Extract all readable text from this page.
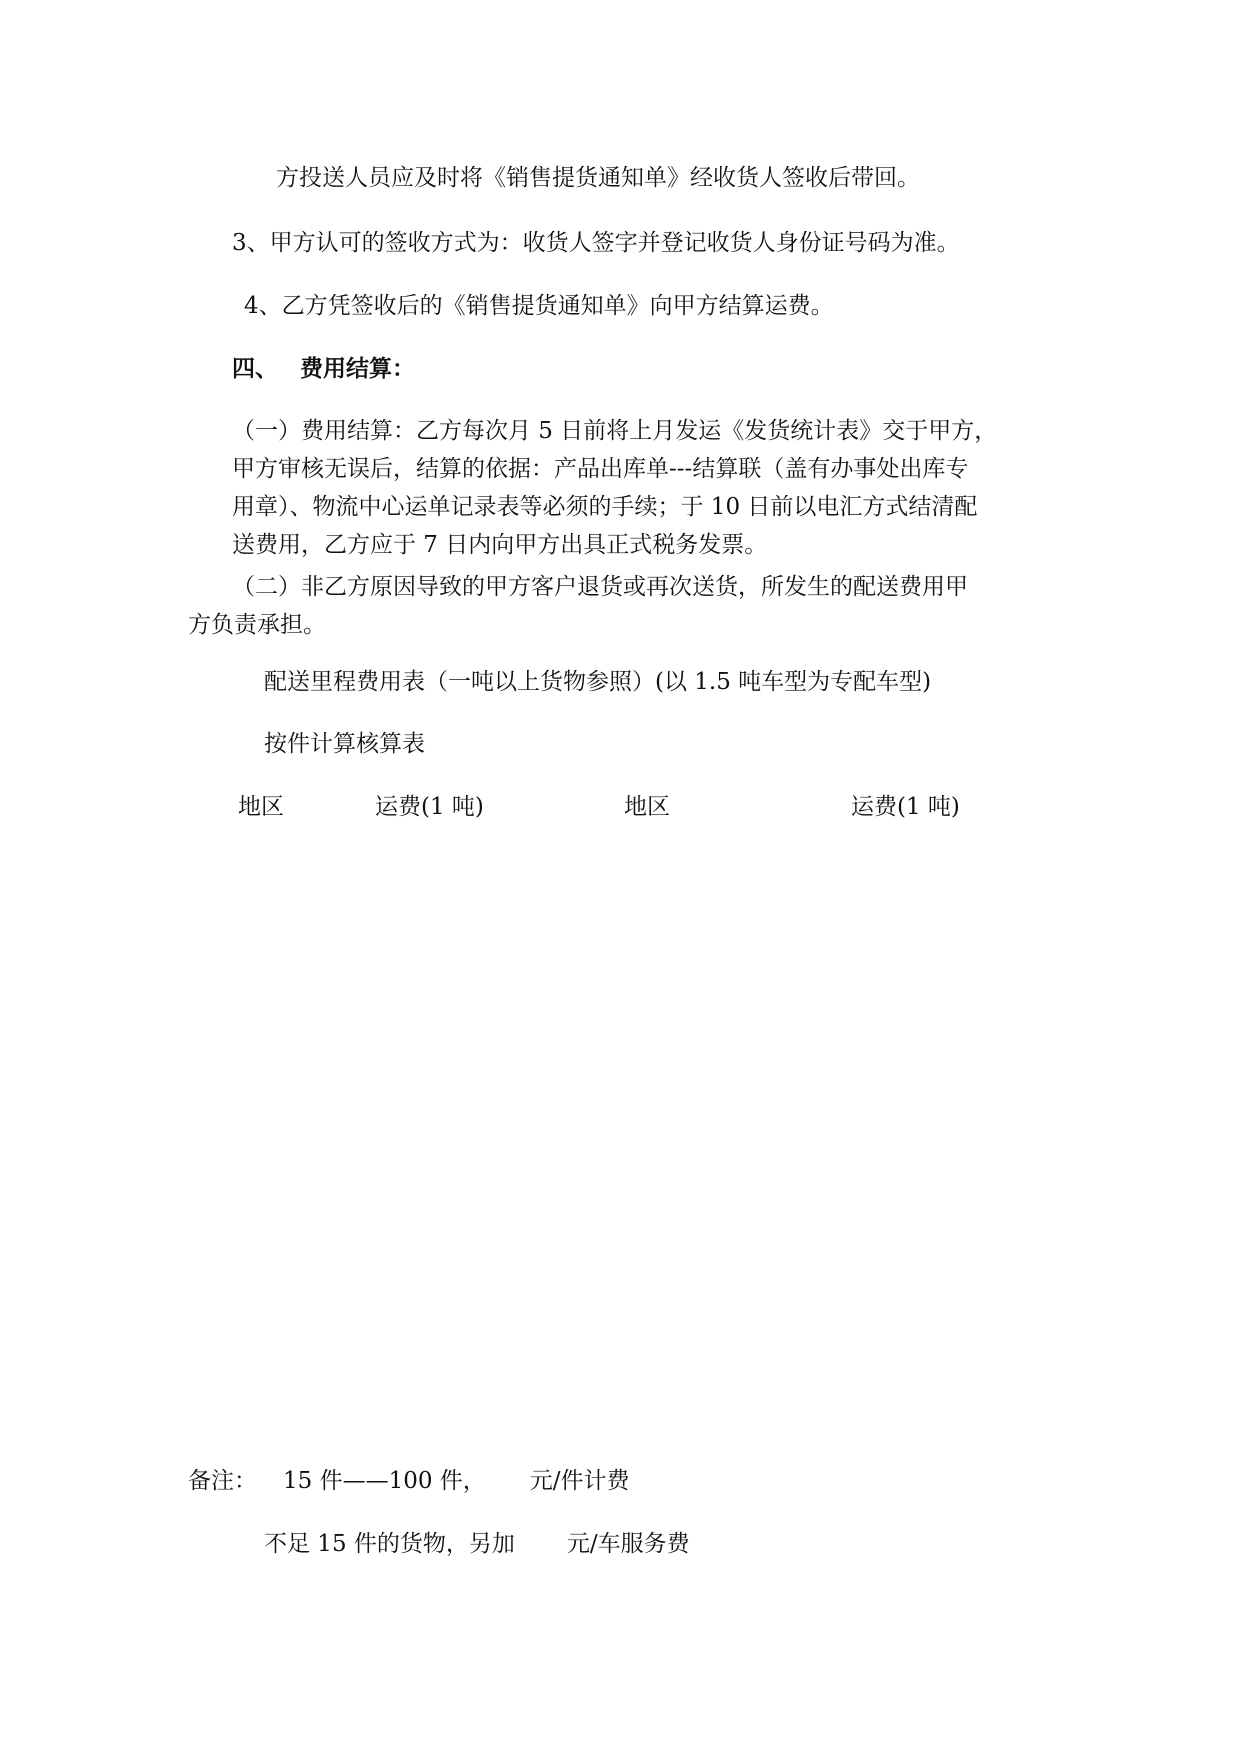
方投送人员应及时将《销售提货通知单》经收货人签收后带回。

3、甲方认可的签收方式为：收货人签字并登记收货人身份证号码为准。

4、乙方凭签收后的《销售提货通知单》向甲方结算运费。

四、 费用结算：

（一）费用结算：乙方每次月 5 日前将上月发运《发货统计表》交于甲方，
甲方审核无误后，结算的依据：产品出库单---结算联（盖有办事处出库专
用章）、物流中心运单记录表等必须的手续；于 10 日前以电汇方式结清配
送费用，乙方应于 7 日内向甲方出具正式税务发票。
（二）非乙方原因导致的甲方客户退货或再次送货，所发生的配送费用甲
方负责承担。

配送里程费用表（一吨以上货物参照）(以 1.5 吨车型为专配车型)

按件计算核算表

地区	运费(1 吨)	地区	运费(1 吨)

备注： 15 件——100 件， 元/件计费

不足 15 件的货物，另加 元/车服务费
